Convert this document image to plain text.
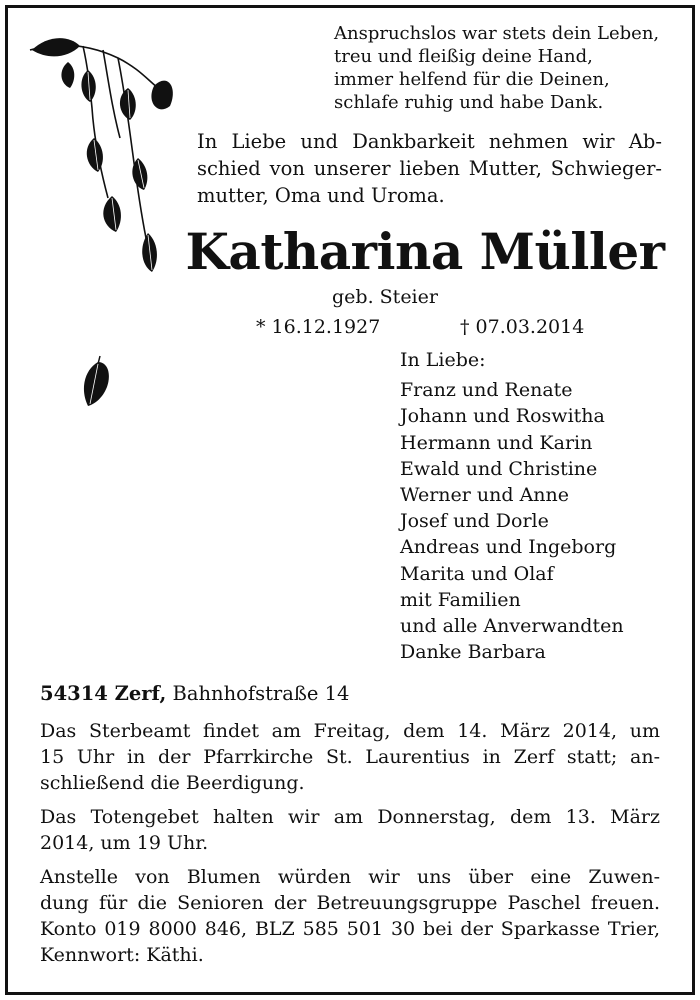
Anspruchslos war stets dein Leben,
treu und fleißig deine Hand,
immer helfend für die Deinen,
schlafe ruhig und habe Dank.
In Liebe und Dankbarkeit nehmen wir Ab-
schied von unserer lieben Mutter, Schwieger-
mutter, Oma und Uroma.
Katharina Müller
geb. Steier
* 16.12.1927	† 07.03.2014
In Liebe:
Franz und Renate
Johann und Roswitha
Hermann und Karin
Ewald und Christine
Werner und Anne
Josef und Dorle
Andreas und Ingeborg
Marita und Olaf
mit Familien
und alle Anverwandten
Danke Barbara
54314 Zerf, Bahnhofstraße 14
Das Sterbeamt findet am Freitag, dem 14. März 2014, um
15 Uhr in der Pfarrkirche St. Laurentius in Zerf statt; an-
schließend die Beerdigung.
Das Totengebet halten wir am Donnerstag, dem 13. März
2014, um 19 Uhr.
Anstelle von Blumen würden wir uns über eine Zuwen-
dung für die Senioren der Betreuungsgruppe Paschel freuen.
Konto 019 8000 846, BLZ 585 501 30 bei der Sparkasse Trier,
Kennwort: Käthi.
